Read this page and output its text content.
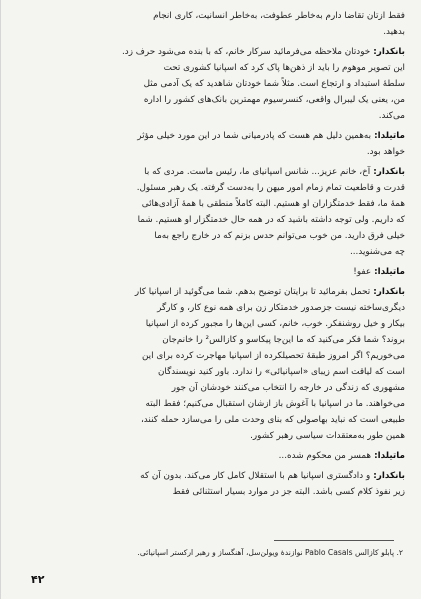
فقط ازتان تقاضا دارم به‌خاطر عطوفت، به‌خاطر انسانیت، کاری انجام

بدهید.

بانکدار: خودتان ملاحظه می‌فرمائید سرکار خانم، که با بنده می‌شود حرف زد.

این تصویر موهوم را باید از ذهن‌ها پاک کرد که اسپانیا کشوری تحت

سلطهٔ استبداد و ارتجاع است. مثلاً شما خودتان شاهدید که یک آدمی مثل

من، یعنی یک لیبرال واقعی، کنسرسیوم مهمترین بانک‌های کشور را اداره

می‌کند.

ماتیلدا: به‌همین دلیل هم هست که پادرمیانی شما در این مورد خیلی مؤثر

خواهد بود.

بانکدار: آخ، خانم عزیز... شانس اسپانیای ما، رئیس ماست. مردی که با

قدرت و قاطعیت تمام زمام امور میهن را به‌دست گرفته. یک رهبر مسئول.

همهٔ ما، فقط خدمتگزاران او هستیم. البته کاملاً منطقی با همهٔ آزادی‌هائی

که داریم. ولی توجه داشته باشید که در همه حال خدمتگزار او هستیم. شما

خیلی فرق دارید. من خوب می‌توانم حدس بزنم که در خارج راجع به‌ما

چه می‌شنوید...

ماتیلدا: عفو!

بانکدار: تحمل بفرمائید تا برایتان توضیح بدهم. شما می‌گوئید از اسپانیا کار

دیگری‌ساخته نیست جزصدور خدمتکار زن برای همه نوع کار، و کارگر

بیکار و خیل روشنفکر. خوب، خانم، کسی این‌ها را مجبور کرده از اسپانیا

بروند؟ شما فکر می‌کنید که ما این‌جا پیکاسو و کازالس² را خانم‌جان

می‌خوریم؟ اگر امروز طبقهٔ تحصیلکرده از اسپانیا مهاجرت کرده برای این

است که لیاقت اسم زیبای «اسپانیائی» را ندارد. باور کنید نویسندگان

مشهوری که زندگی در خارجه را انتخاب می‌کنند خودشان آن جور

می‌خواهند. ما در اسپانیا با آغوش باز ازشان استقبال می‌کنیم؛ فقط البته

طبیعی است که نباید بهاصولی که بنای وحدت ملی را می‌سازد حمله کنند،

همین طور به‌معتقدات سیاسی رهبر کشور.

ماتیلدا: همسر من محکوم شده...

بانکدار: و دادگستری اسپانیا هم با استقلال کامل کار می‌کند. بدون آن که

زیر نفوذ کلام کسی باشد. البته جز در موارد بسیار استثنائی فقط

۲. پابلو کازالس Pablo Casals نوازندهٔ ویولن‌سل، آهنگساز و رهبر ارکستر اسپانیائی.
۴۲
